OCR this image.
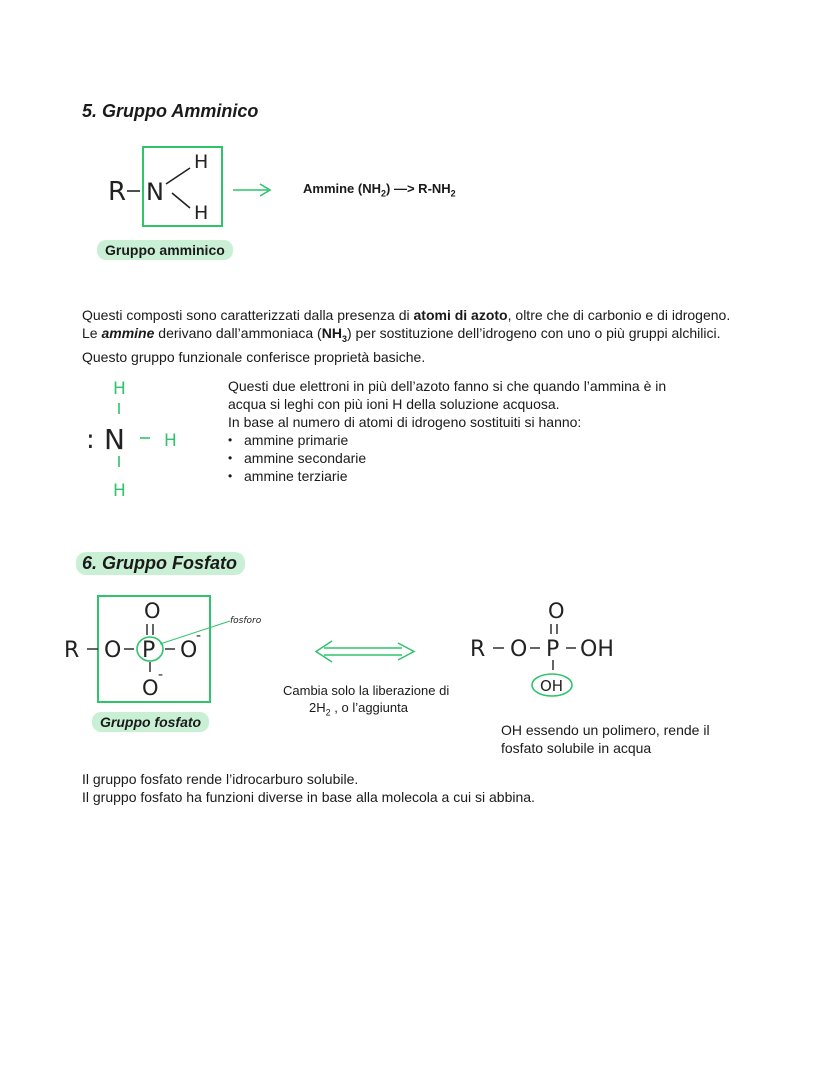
5. Gruppo Amminico
R N
H
H
Ammine $(NH_2)$ —> $R-NH_2$
Gruppo amminico
Questi composti sono caratterizzati dalla presenza di atomi di azoto, oltre che di carbonio e di idrogeno. Le ammine derivano dall’ammoniaca $(NH_3)$ per sostituzione dell’idrogeno con uno o più gruppi alchilici. Questo gruppo funzionale conferisce proprietà basiche.
H
: N H
H
Questi due elettroni in più dell’azoto fanno si che quando l’ammina è in
acqua si leghi con più ioni H della soluzione acquosa.
In base al numero di atomi di idrogeno sostituiti si hanno:
• ammine primarie
• ammine secondarie
• ammine terziarie
6. Gruppo Fosfato
O
R O P O
-
O
-
fosforo
Cambia solo la liberazione di
$2H_2$ , o l’aggiunta
O
R O P OH
OH
OH essendo un polimero, rende il
fosfato solubile in acqua
Gruppo fosfato
Il gruppo fosfato rende l’idrocarburo solubile.
Il gruppo fosfato ha funzioni diverse in base alla molecola a cui si abbina.
